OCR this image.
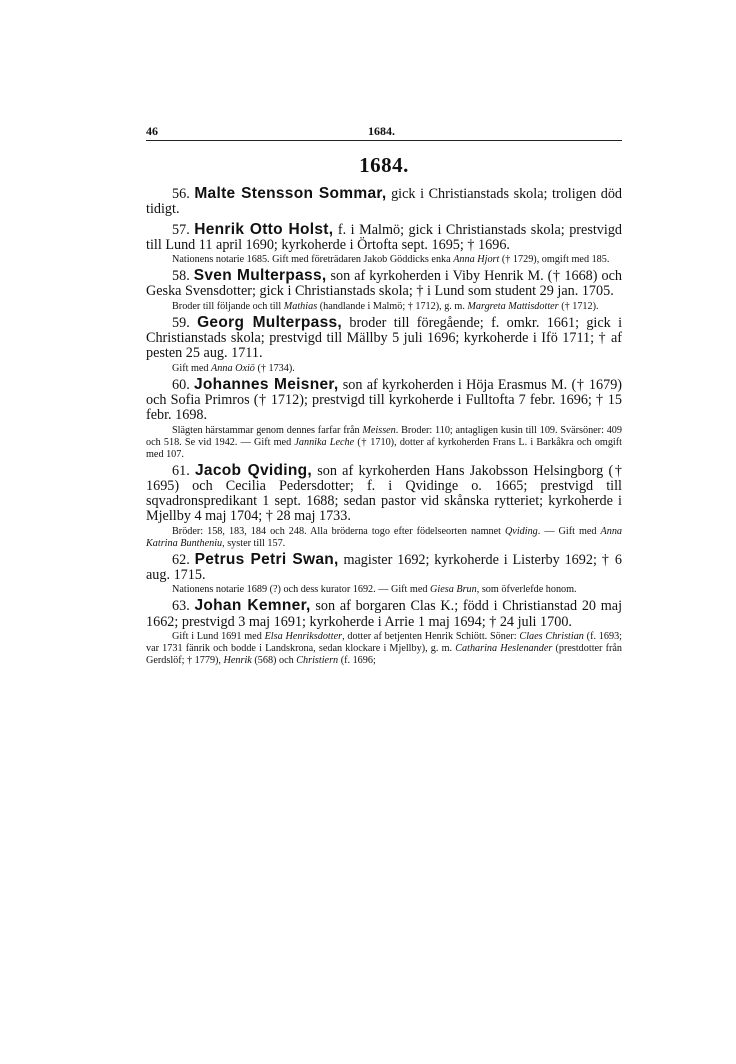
46	1684.
1684.

56. Malte Stensson Sommar, gick i Christianstads skola; troligen död tidigt.

57. Henrik Otto Holst, f. i Malmö; gick i Christianstads skola; prestvigd till Lund 11 april 1690; kyrkoherde i Örtofta sept. 1695; † 1696.

Nationens notarie 1685. Gift med företrädaren Jakob Göddicks enka Anna Hjort († 1729), omgift med 185.

58. Sven Multerpass, son af kyrkoherden i Viby Henrik M. († 1668) och Geska Svensdotter; gick i Christianstads skola; † i Lund som student 29 jan. 1705.

Broder till följande och till Mathias (handlande i Malmö; † 1712), g. m. Margreta Mattisdotter († 1712).

59. Georg Multerpass, broder till föregående; f. omkr. 1661; gick i Christianstads skola; prestvigd till Mällby 5 juli 1696; kyrkoherde i Ifö 1711; † af pesten 25 aug. 1711.

Gift med Anna Oxiö († 1734).

60. Johannes Meisner, son af kyrkoherden i Höja Erasmus M. († 1679) och Sofia Primros († 1712); prestvigd till kyrkoherde i Fulltofta 7 febr. 1696; † 15 febr. 1698.

Slägten härstammar genom dennes farfar från Meissen. Broder: 110; antagligen kusin till 109. Svärsöner: 409 och 518. Se vid 1942. — Gift med Jannika Leche († 1710), dotter af kyrkoherden Frans L. i Barkåkra och omgift med 107.

61. Jacob Qviding, son af kyrkoherden Hans Jakobsson Helsingborg († 1695) och Cecilia Pedersdotter; f. i Qvidinge o. 1665; prestvigd till sqvadronspredikant 1 sept. 1688; sedan pastor vid skånska rytteriet; kyrkoherde i Mjellby 4 maj 1704; † 28 maj 1733.

Bröder: 158, 183, 184 och 248. Alla bröderna togo efter födelseorten namnet Qviding. — Gift med Anna Katrina Buntheniu, syster till 157.

62. Petrus Petri Swan, magister 1692; kyrkoherde i Listerby 1692; † 6 aug. 1715.

Nationens notarie 1689 (?) och dess kurator 1692. — Gift med Giesa Brun, som öfverlefde honom.

63. Johan Kemner, son af borgaren Clas K.; född i Christianstad 20 maj 1662; prestvigd 3 maj 1691; kyrkoherde i Arrie 1 maj 1694; † 24 juli 1700.

Gift i Lund 1691 med Elsa Henriksdotter, dotter af betjenten Henrik Schiött. Söner: Claes Christian (f. 1693; var 1731 fänrik och bodde i Landskrona, sedan klockare i Mjellby), g. m. Catharina Heslenander (prestdotter från Gerdslöf; † 1779), Henrik (568) och Christiern (f. 1696;
